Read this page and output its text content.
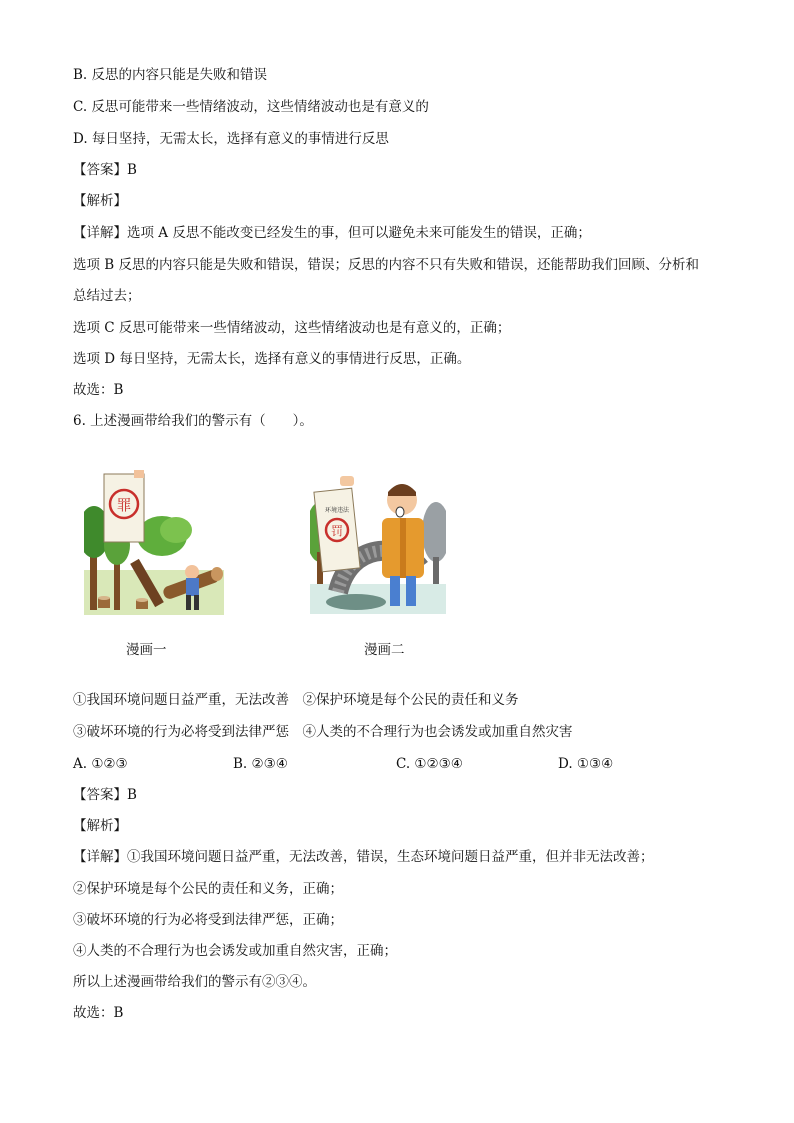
B. 反思的内容只能是失败和错误
C. 反思可能带来一些情绪波动，这些情绪波动也是有意义的
D. 每日坚持，无需太长，选择有意义的事情进行反思
【答案】B
【解析】
【详解】选项 A 反思不能改变已经发生的事，但可以避免未来可能发生的错误，正确；
选项 B 反思的内容只能是失败和错误，错误；反思的内容不只有失败和错误，还能帮助我们回顾、分析和
总结过去；
选项 C 反思可能带来一些情绪波动，这些情绪波动也是有意义的，正确；
选项 D 每日坚持，无需太长，选择有意义的事情进行反思，正确。
故选：B
6. 上述漫画带给我们的警示有（　　）。
罪	环境违法
罚
漫画一	漫画二
①我国环境问题日益严重，无法改善　②保护环境是每个公民的责任和义务
③破坏环境的行为必将受到法律严惩　④人类的不合理行为也会诱发或加重自然灾害
A. ①②③	B. ②③④	C. ①②③④	D. ①③④
【答案】B
【解析】
【详解】①我国环境问题日益严重，无法改善，错误，生态环境问题日益严重，但并非无法改善；
②保护环境是每个公民的责任和义务，正确；
③破坏环境的行为必将受到法律严惩，正确；
④人类的不合理行为也会诱发或加重自然灾害，正确；
所以上述漫画带给我们的警示有②③④。
故选：B
